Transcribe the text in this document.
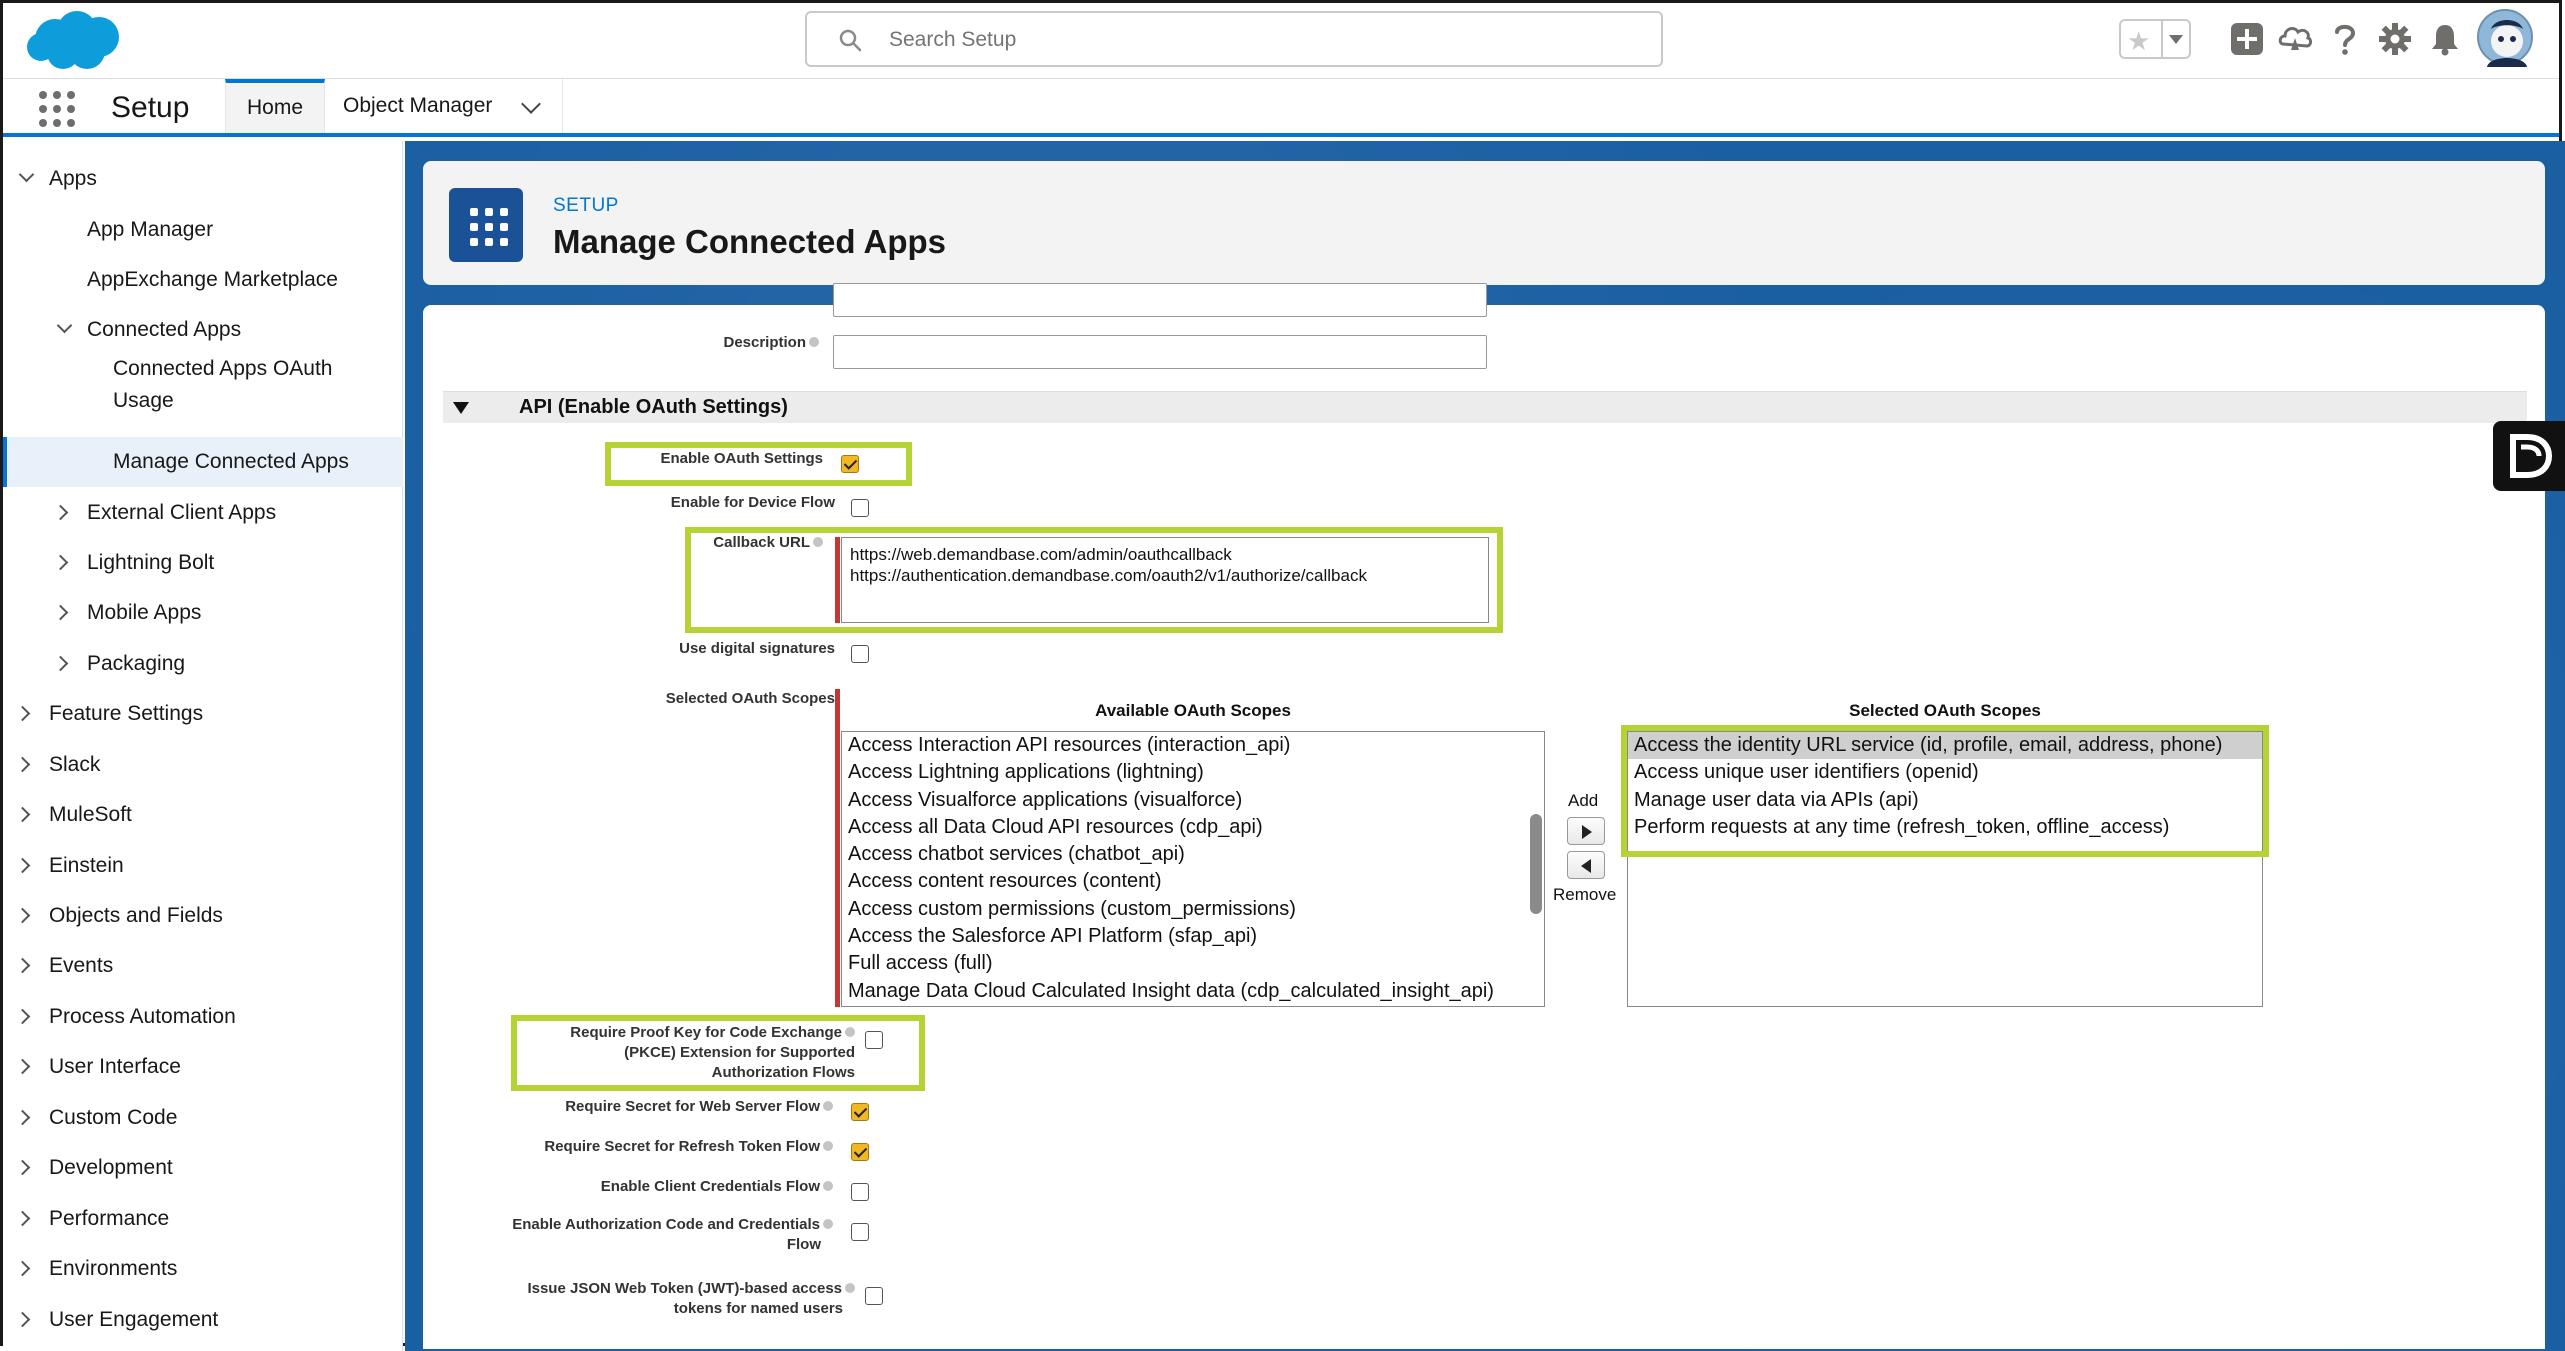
Search Setup
★
Setup	Home	Object Manager
Apps
App Manager
AppExchange Marketplace
Connected Apps
Connected Apps OAuth
Usage
Manage Connected Apps
External Client Apps
Lightning Bolt
Mobile Apps
Packaging
Feature Settings
Slack
MuleSoft
Einstein
Objects and Fields
Events
Process Automation
User Interface
Custom Code
Development
Performance
Environments
User Engagement
SETUP
Manage Connected Apps
Description
API (Enable OAuth Settings)
Enable OAuth Settings
Enable for Device Flow
Callback URL
https://web.demandbase.com/admin/oauthcallback
https://authentication.demandbase.com/oauth2/v1/authorize/callback
Use digital signatures
Selected OAuth Scopes
Available OAuth Scopes
Access Interaction API resources (interaction_api)
Access Lightning applications (lightning)
Access Visualforce applications (visualforce)
Access all Data Cloud API resources (cdp_api)
Access chatbot services (chatbot_api)
Access content resources (content)
Access custom permissions (custom_permissions)
Access the Salesforce API Platform (sfap_api)
Full access (full)
Manage Data Cloud Calculated Insight data (cdp_calculated_insight_api)
Add
Remove
Selected OAuth Scopes
Access the identity URL service (id, profile, email, address, phone)
Access unique user identifiers (openid)
Manage user data via APIs (api)
Perform requests at any time (refresh_token, offline_access)
Require Proof Key for Code Exchange
(PKCE) Extension for Supported
Authorization Flows
Require Secret for Web Server Flow
Require Secret for Refresh Token Flow
Enable Client Credentials Flow
Enable Authorization Code and Credentials
Flow
Issue JSON Web Token (JWT)-based access
tokens for named users
